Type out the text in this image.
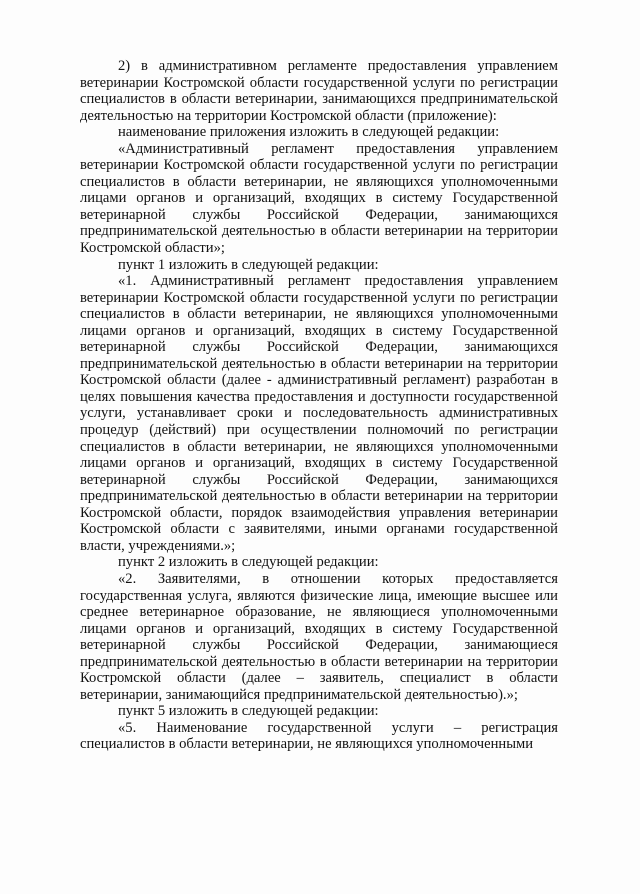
2) в административном регламенте предоставления управлением ветеринарии Костромской области государственной услуги по регистрации специалистов в области ветеринарии, занимающихся предпринимательской деятельностью на территории Костромской области (приложение):

наименование приложения изложить в следующей редакции:

«Административный регламент предоставления управлением ветеринарии Костромской области государственной услуги по регистрации специалистов в области ветеринарии, не являющихся уполномоченными лицами органов и организаций, входящих в систему Государственной ветеринарной службы Российской Федерации, занимающихся предпринимательской деятельностью в области ветеринарии на территории Костромской области»;

пункт 1 изложить в следующей редакции:

«1. Административный регламент предоставления управлением ветеринарии Костромской области государственной услуги по регистрации специалистов в области ветеринарии, не являющихся уполномоченными лицами органов и организаций, входящих в систему Государственной ветеринарной службы Российской Федерации, занимающихся предпринимательской деятельностью в области ветеринарии на территории Костромской области (далее - административный регламент) разработан в целях повышения качества предоставления и доступности государственной услуги, устанавливает сроки и последовательность административных процедур (действий) при осуществлении полномочий по регистрации специалистов в области ветеринарии, не являющихся уполномоченными лицами органов и организаций, входящих в систему Государственной ветеринарной службы Российской Федерации, занимающихся предпринимательской деятельностью в области ветеринарии на территории Костромской области, порядок взаимодействия управления ветеринарии Костромской области с заявителями, иными органами государственной власти, учреждениями.»;

пункт 2 изложить в следующей редакции:

«2. Заявителями, в отношении которых предоставляется государственная услуга, являются физические лица, имеющие высшее или среднее ветеринарное образование, не являющиеся уполномоченными лицами органов и организаций, входящих в систему Государственной ветеринарной службы Российской Федерации, занимающиеся предпринимательской деятельностью в области ветеринарии на территории Костромской области (далее – заявитель, специалист в области ветеринарии, занимающийся предпринимательской деятельностью).»;

пункт 5 изложить в следующей редакции:

«5. Наименование государственной услуги – регистрация специалистов в области ветеринарии, не являющихся уполномоченными
